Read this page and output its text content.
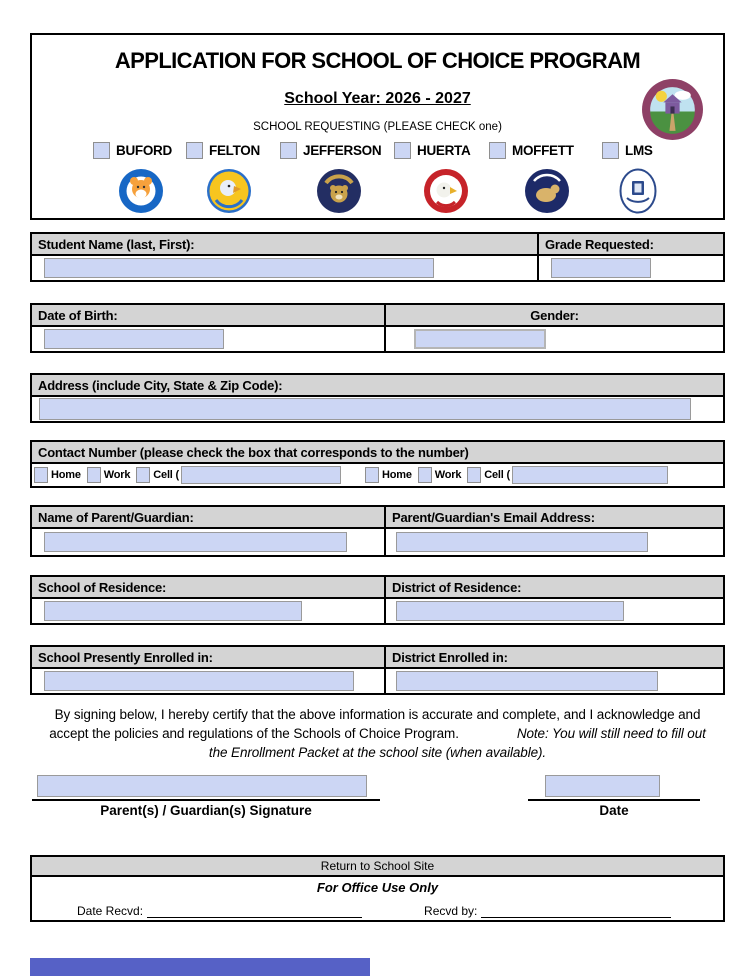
APPLICATION FOR SCHOOL OF CHOICE PROGRAM
School Year: 2026 - 2027
SCHOOL REQUESTING (PLEASE CHECK one)
BUFORD	FELTON	JEFFERSON	HUERTA	MOFFETT	LMS
Student Name (last, First):	Grade Requested:
Date of Birth:	Gender:
Address (include City, State & Zip Code):
Contact Number (please check the box that corresponds to the number)
Home Work Cell (	Home Work Cell (
Name of Parent/Guardian:	Parent/Guardian's Email Address:
School of Residence:	District of Residence:
School Presently Enrolled in:	District Enrolled in:
By signing below, I hereby certify that the above information is accurate and complete, and I acknowledge and
accept the policies and regulations of the Schools of Choice Program.	Note: You will still need to fill out
the Enrollment Packet at the school site (when available).
Parent(s) / Guardian(s) Signature	Date
Return to School Site
For Office Use Only
Date Recvd:	Recvd by:
